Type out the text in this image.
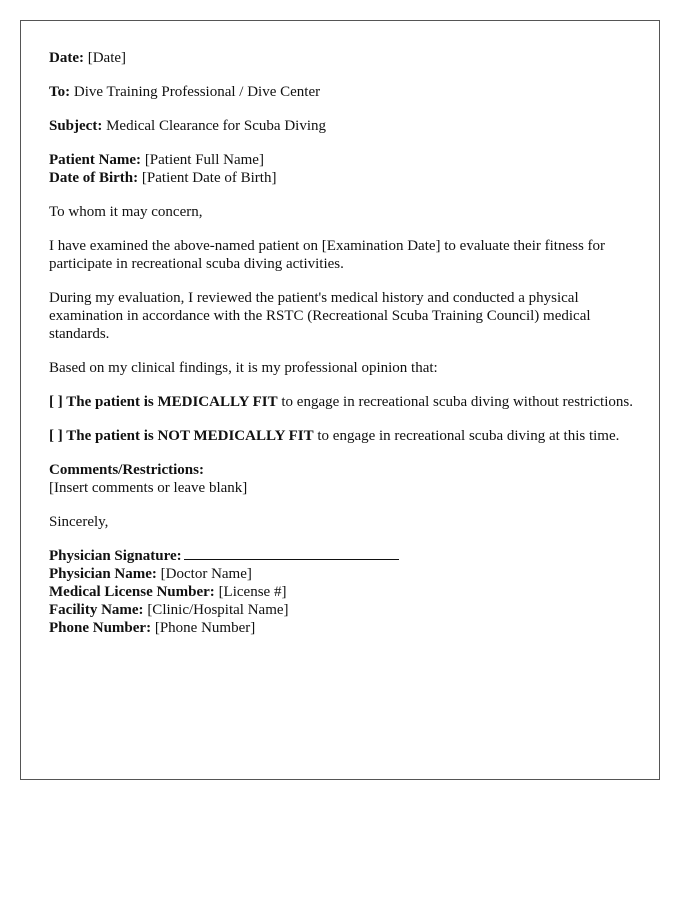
Date: [Date]

To: Dive Training Professional / Dive Center

Subject: Medical Clearance for Scuba Diving

Patient Name: [Patient Full Name]
Date of Birth: [Patient Date of Birth]

To whom it may concern,

I have examined the above-named patient on [Examination Date] to evaluate their fitness for participate in recreational scuba diving activities.

During my evaluation, I reviewed the patient's medical history and conducted a physical examination in accordance with the RSTC (Recreational Scuba Training Council) medical standards.

Based on my clinical findings, it is my professional opinion that:

[ ] The patient is MEDICALLY FIT to engage in recreational scuba diving without restrictions.

[ ] The patient is NOT MEDICALLY FIT to engage in recreational scuba diving at this time.

Comments/Restrictions:
[Insert comments or leave blank]

Sincerely,

Physician Signature:
Physician Name: [Doctor Name]
Medical License Number: [License #]
Facility Name: [Clinic/Hospital Name]
Phone Number: [Phone Number]
